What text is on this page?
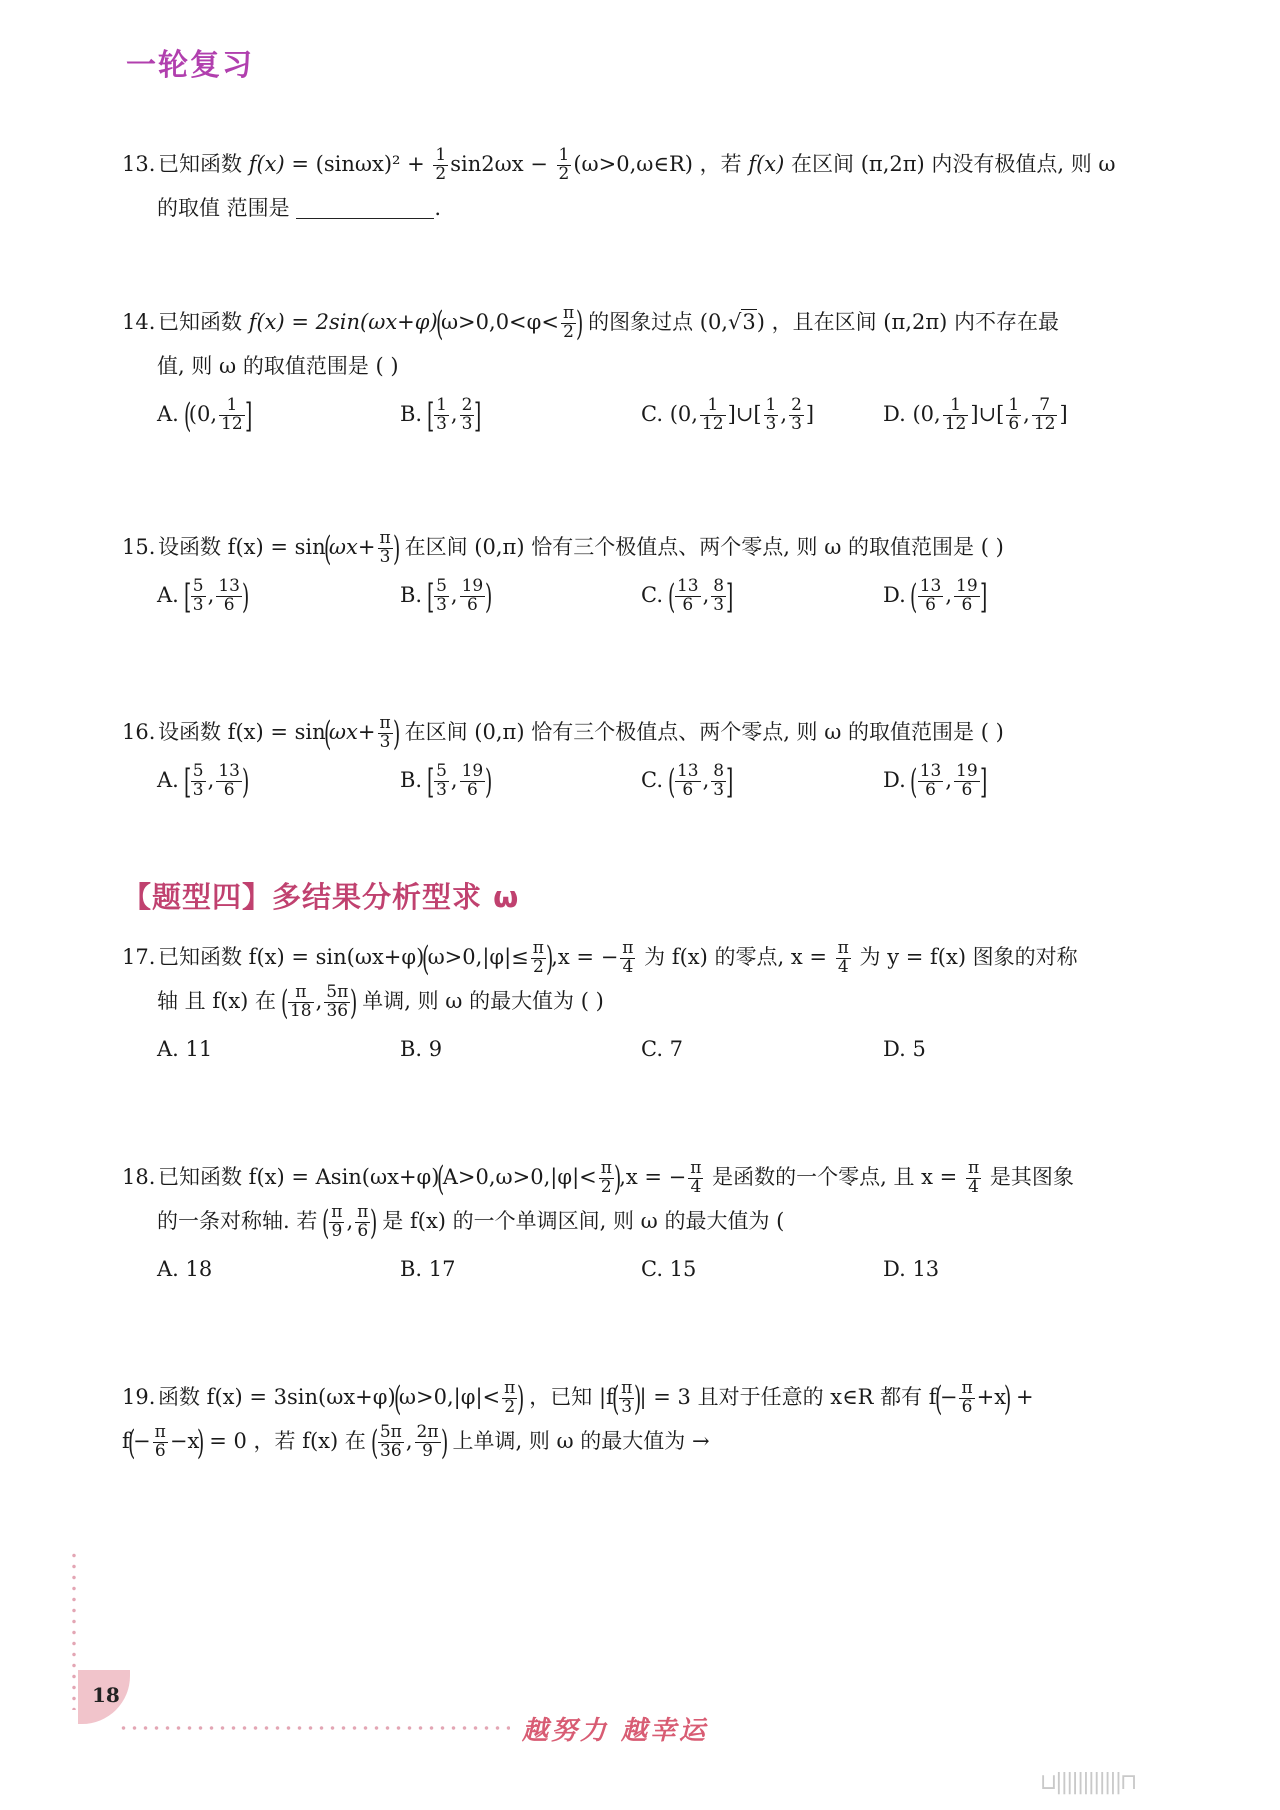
一轮复习
13. 已知函数 $f(x) = (\sin\omega x)^2 + \frac{1}{2} \sin 2\omega x - \frac{1}{2}$ (ω>0,ω∈R) ，若 f(x) 在区间 (π,2π) 内没有极值点, 则 ω
的取值 范围是	.
14. 已知函数 $f(x) = 2\sin(\omega x+\varphi)(\omega>0,0<\varphi< \frac{\pi}{2}$ ) 的图象过点 (0,√3) ，且在区间 (π,2π) 内不存在最
值, 则 ω 的取值范围是 ( )
A. ((0, $\frac{1}{12}$ ]	B. [ $\frac{1}{3}$ , $\frac{2}{3}$ ]	C. (0, $\frac{1}{12}$ ]∪[ $\frac{1}{3}$ , $\frac{2}{3}$ ]	D. (0, $\frac{1}{12}$ ]∪[ $\frac{1}{6}$ , $\frac{7}{12}$ ]
15. 设函数 $f(x) = \sin(\omega x+ \frac{\pi}{3}$ ) 在区间 (0,π) 恰有三个极值点、两个零点, 则 ω 的取值范围是 ( )
A. [ $\frac{5}{3}$ , $\frac{13}{6}$ )	B. [ $\frac{5}{3}$ , $\frac{19}{6}$ )	C. ( $\frac{13}{6}$ , $\frac{8}{3}$ ]	D. ( $\frac{13}{6}$ , $\frac{19}{6}$ ]
16. 设函数 $f(x) = \sin(\omega x+ \frac{\pi}{3}$ ) 在区间 (0,π) 恰有三个极值点、两个零点, 则 ω 的取值范围是 ( )
A. [ $\frac{5}{3}$ , $\frac{13}{6}$ )	B. [ $\frac{5}{3}$ , $\frac{19}{6}$ )	C. ( $\frac{13}{6}$ , $\frac{8}{3}$ ]	D. ( $\frac{13}{6}$ , $\frac{19}{6}$ ]
【题型四】多结果分析型求 ω
17. 已知函数 $f(x) = \sin(\omega x+\varphi)(\omega>0,|\varphi|\le \frac{\pi}{2} ),x$ = − $\frac{\pi}{4}$ 为 f(x) 的零点, $x = \frac{\pi}{4}$ 为 y = f(x) 图象的对称
轴 且 f(x) 在 ( $\frac{\pi}{18}$ , $\frac{5\pi}{36}$ ) 单调, 则 ω 的最大值为 ( )
A. 11	B. 9	C. 7	D. 5
18. 已知函数 $f(x) = Asin(\omega x+\varphi)(A>0,\omega>0,|\varphi|< \frac{\pi}{2} ),x$ = − $\frac{\pi}{4}$ 是函数的一个零点, 且 $x = \frac{\pi}{4}$ 是其图象
的一条对称轴. 若 ( $\frac{\pi}{9}$ , $\frac{\pi}{6}$ ) 是 f(x) 的一个单调区间, 则 ω 的最大值为 (
A. 18	B. 17	C. 15	D. 13
19. 函数 $f(x) = 3\sin(\omega x+\varphi)(\omega>0,|\varphi|< \frac{\pi}{2}$ ) ，已知 $|f( \frac{\pi}{3}$ )| = 3 且对于任意的 x∈R 都有 $f(- \frac{\pi}{6} +x)$ +
$f(- \frac{\pi}{6} -x) = 0$ ，若 f(x) 在 ( $\frac{5\pi}{36}$ , $\frac{2\pi}{9}$ ) 上单调, 则 ω 的最大值为 →
18
越努力 越幸运
⊔||||||||||||⊓
